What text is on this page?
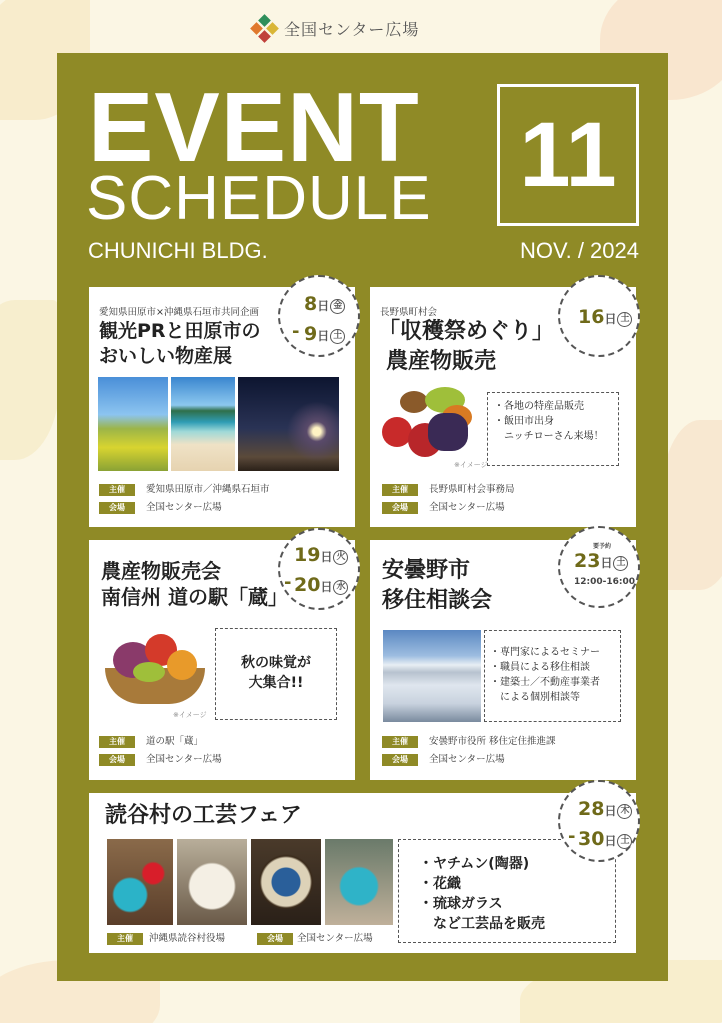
全国センター広場
EVENT
SCHEDULE
CHUNICHI BLDG.
11
NOV. / 2024
愛知県田原市×沖縄県石垣市共同企画
観光PRと田原市の
おいしい物産展
主催	愛知県田原市／沖縄県石垣市
会場	全国センター広場
8日 金
- 9日 土
長野県町村会
「収穫祭めぐり」
農産物販売
※イメージ
・各地の特産品販売
・飯田市出身
　ニッチローさん来場！
主催	長野県町村会事務局
会場	全国センター広場
16日 土
農産物販売会
南信州 道の駅「蔵」
※イメージ
秋の味覚が
大集合!!
主催	道の駅「蔵」
会場	全国センター広場
19日 火
- 20日 水
安曇野市
移住相談会
・専門家によるセミナー
・職員による移住相談
・建築士／不動産事業者
　による個別相談等
主催	安曇野市役所 移住定住推進課
会場	全国センター広場
要予約
23日 土
12:00-16:00
読谷村の工芸フェア
・ヤチムン(陶器)
・花織
・琉球ガラス
　など工芸品を販売
主催	沖縄県読谷村役場	会場	全国センター広場
28日 木
- 30日 土
